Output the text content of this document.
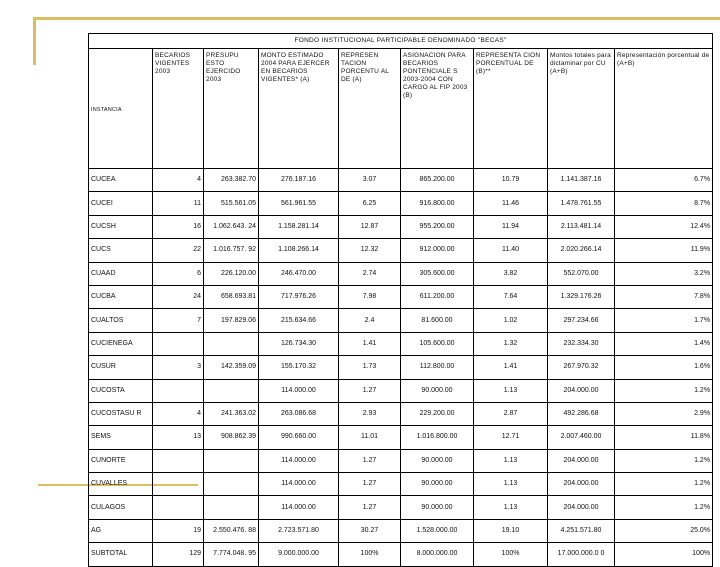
FONDO INSTITUCIONAL PARTICIPABLE DENOMINADO "BECAS"								
INSTANCIA	BECARIOS VIGENTES 2003	PRESUPU ESTO EJERCIDO 2003	MONTO ESTIMADO 2004 PARA EJERCER EN BECARIOS VIGENTES* (A)	REPRESEN TACION PORCENTU AL DE (A)	ASIGNACION PARA BECARIOS PONTENCIALE S 2003-2004 CON CARGO AL FIP 2003 (B)	REPRESENTA CION PORCENTUAL DE (B)**	Montos totales para dictaminar por CU (A+B)	Representación porcentual de (A+B)
CUCEA	4	263.382.70	276.187.16	3.07	865.200.00	10.79	1.141.387.16	6.7%
CUCEI	11	515.561.05	561.961.55	6.25	916.800.00	11.46	1.478.761.55	8.7%
CUCSH	16	1.062.643. 24	1.158.281.14	12.87	955.200.00	11.94	2.113.481.14	12.4%
CUCS	22	1.016.757. 92	1.108.266.14	12.32	912.000.00	11.40	2.020.266.14	11.9%
CUAAD	6	226.120.00	246.470.00	2.74	305.600.00	3.82	552.070.00	3.2%
CUCBA	24	658.693.81	717.976.26	7.98	611.200.00	7.64	1.329.176.26	7.8%
CUALTOS	7	197.829.06	215.634.66	2.4	81.600.00	1.02	297.234.66	1.7%
CUCIENEGA			126.734.30	1.41	105.600.00	1.32	232.334.30	1.4%
CUSUR	3	142.359.09	155.170.32	1.73	112.800.00	1.41	267.970.32	1.6%
CUCOSTA			114.000.00	1.27	90.000.00	1.13	204.000.00	1.2%
CUCOSTASU R	4	241.363.02	263.086.68	2.93	229.200.00	2.87	492.286.68	2.9%
SEMS	13	908.862.39	990.660.00	11.01	1.016.800.00	12.71	2.007.460.00	11.8%
CUNORTE			114.000.00	1.27	90.000.00	1.13	204.000.00	1.2%
CUVALLES			114.000.00	1.27	90.000.00	1.13	204.000.00	1.2%
CULAGOS			114.000.00	1.27	90.000.00	1.13	204.000.00	1.2%
AG	19	2.550.476. 88	2.723.571.80	30.27	1.528.000.00	19.10	4.251.571.80	25.0%
SUBTOTAL	129	7.774.048. 95	9.000.000.00	100%	8.000.000.00	100%	17.000.000.0 0	100%
